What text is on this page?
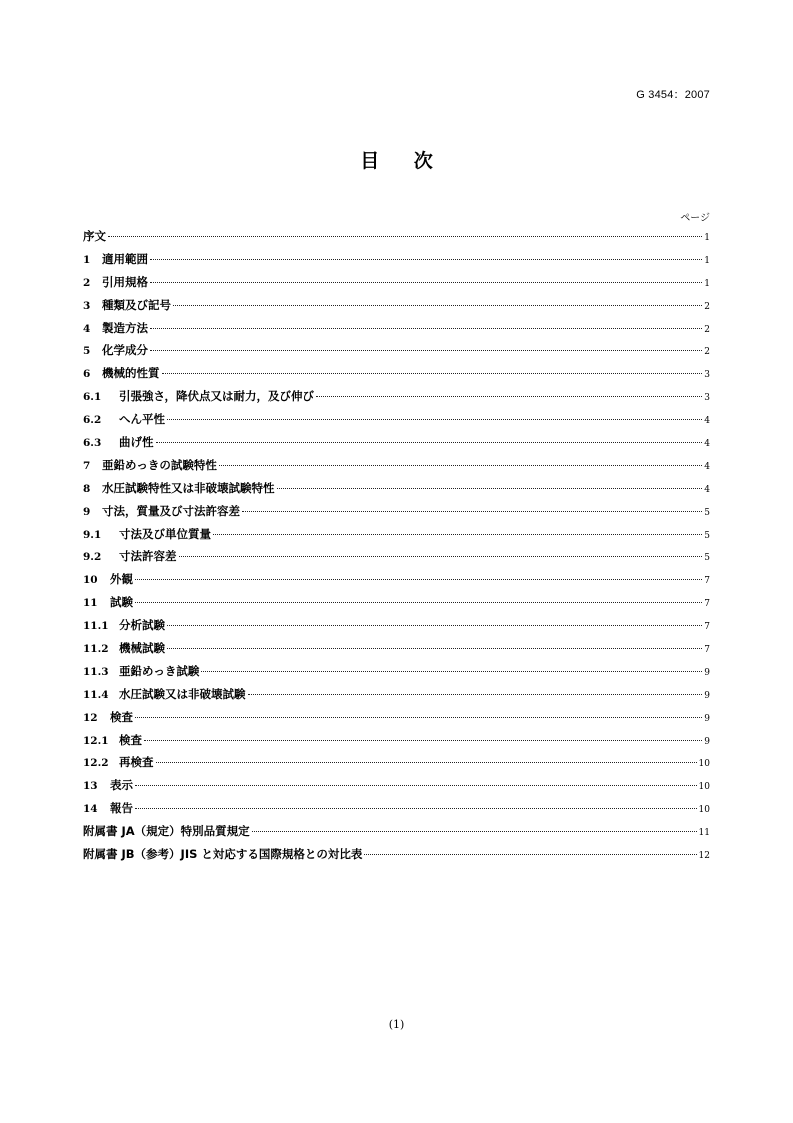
G 3454：2007
目 次
ページ
序文	1
1	適用範囲	1
2	引用規格	1
3	種類及び記号	2
4	製造方法	2
5	化学成分	2
6	機械的性質	3
6.1	引張強さ，降伏点又は耐力，及び伸び	3
6.2	へん平性	4
6.3	曲げ性	4
7	亜鉛めっきの試験特性	4
8	水圧試験特性又は非破壊試験特性	4
9	寸法，質量及び寸法許容差	5
9.1	寸法及び単位質量	5
9.2	寸法許容差	5
10	外観	7
11	試験	7
11.1 分析試験	7
11.2 機械試験	7
11.3 亜鉛めっき試験	9
11.4 水圧試験又は非破壊試験	9
12	検査	9
12.1 検査	9
12.2 再検査	10
13	表示	10
14	報告	10
附属書 JA（規定）特別品質規定	11
附属書 JB（参考）JIS と対応する国際規格との対比表	12
(1)
